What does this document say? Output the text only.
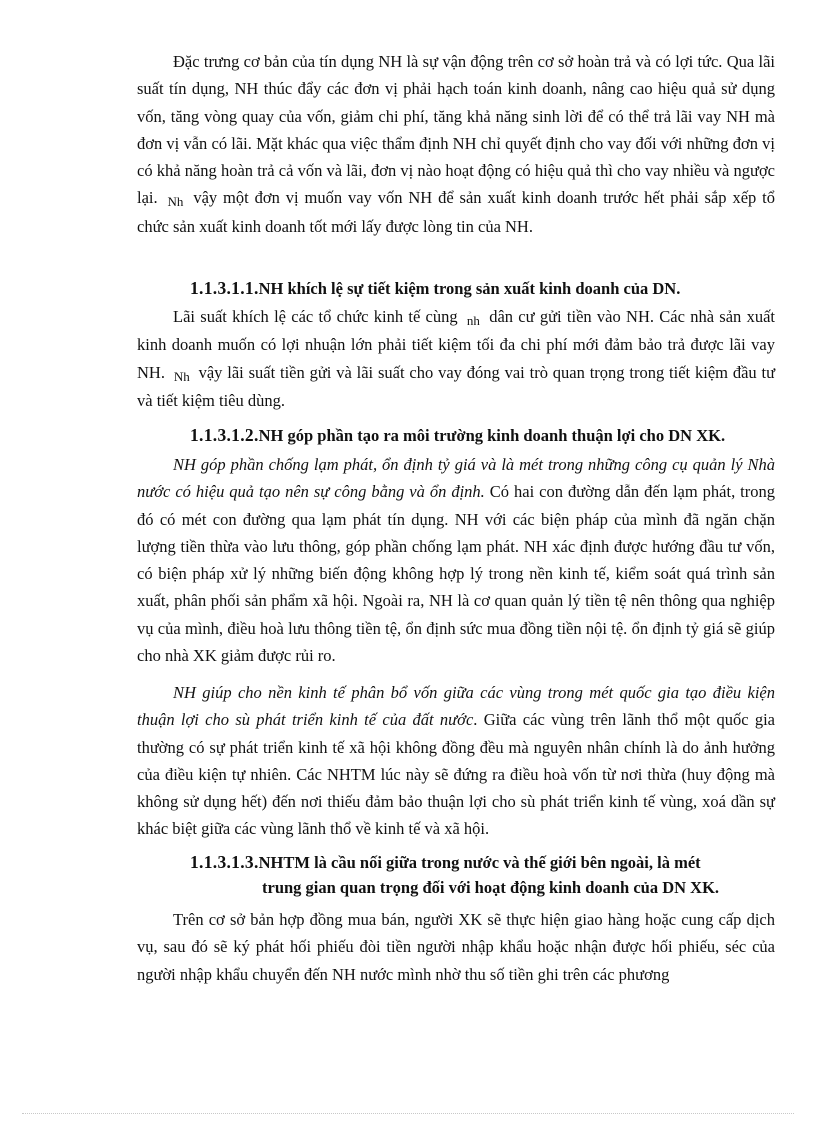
Đặc trưng cơ bản của tín dụng NH là sự vận động trên cơ sở hoàn trả và có lợi tức. Qua lãi suất tín dụng, NH thúc đẩy các đơn vị phải hạch toán kinh doanh, nâng cao hiệu quả sử dụng vốn, tăng vòng quay của vốn, giảm chi phí, tăng khả năng sinh lời để có thể trả lãi vay NH mà đơn vị vẫn có lãi. Mặt khác qua việc thẩm định NH chỉ quyết định cho vay đối với những đơn vị có khả năng hoàn trả cả vốn và lãi, đơn vị nào hoạt động có hiệu quả thì cho vay nhiều và ngược lại. Nh vậy một đơn vị muốn vay vốn NH để sản xuất kinh doanh trước hết phải sắp xếp tổ chức sản xuất kinh doanh tốt mới lấy được lòng tin của NH.

1.1.3.1.1.NH khích lệ sự tiết kiệm trong sản xuất kinh doanh của DN.

Lãi suất khích lệ các tổ chức kinh tế cùng nh dân cư gửi tiền vào NH. Các nhà sản xuất kinh doanh muốn có lợi nhuận lớn phải tiết kiệm tối đa chi phí mới đảm bảo trả được lãi vay NH. Nh vậy lãi suất tiền gửi và lãi suất cho vay đóng vai trò quan trọng trong tiết kiệm đầu tư và tiết kiệm tiêu dùng.

1.1.3.1.2.NH góp phần tạo ra môi trường kinh doanh thuận lợi cho DN XK.

NH góp phần chống lạm phát, ổn định tỷ giá và là mét trong những công cụ quản lý Nhà nước có hiệu quả tạo nên sự công bằng và ổn định. Có hai con đường dẫn đến lạm phát, trong đó có mét con đường qua lạm phát tín dụng. NH với các biện pháp của mình đã ngăn chặn lượng tiền thừa vào lưu thông, góp phần chống lạm phát. NH xác định được hướng đầu tư vốn, có biện pháp xử lý những biến động không hợp lý trong nền kinh tế, kiểm soát quá trình sản xuất, phân phối sản phẩm xã hội. Ngoài ra, NH là cơ quan quản lý tiền tệ nên thông qua nghiệp vụ của mình, điều hoà lưu thông tiền tệ, ổn định sức mua đồng tiền nội tệ. ổn định tỷ giá sẽ giúp cho nhà XK giảm được rủi ro.

NH giúp cho nền kinh tế phân bổ vốn giữa các vùng trong mét quốc gia tạo điều kiện thuận lợi cho sù phát triển kinh tế của đất nước. Giữa các vùng trên lãnh thổ một quốc gia thường có sự phát triển kinh tế xã hội không đồng đều mà nguyên nhân chính là do ảnh hưởng của điều kiện tự nhiên. Các NHTM lúc này sẽ đứng ra điều hoà vốn từ nơi thừa (huy động mà không sử dụng hết) đến nơi thiếu đảm bảo thuận lợi cho sù phát triển kinh tế vùng, xoá dần sự khác biệt giữa các vùng lãnh thổ về kinh tế và xã hội.

1.1.3.1.3.NHTM là cầu nối giữa trong nước và thế giới bên ngoài, là mét
trung gian quan trọng đối với hoạt động kinh doanh của DN XK.

Trên cơ sở bản hợp đồng mua bán, người XK sẽ thực hiện giao hàng hoặc cung cấp dịch vụ, sau đó sẽ ký phát hối phiếu đòi tiền người nhập khẩu hoặc nhận được hối phiếu, séc của người nhập khẩu chuyển đến NH nước mình nhờ thu số tiền ghi trên các phương
